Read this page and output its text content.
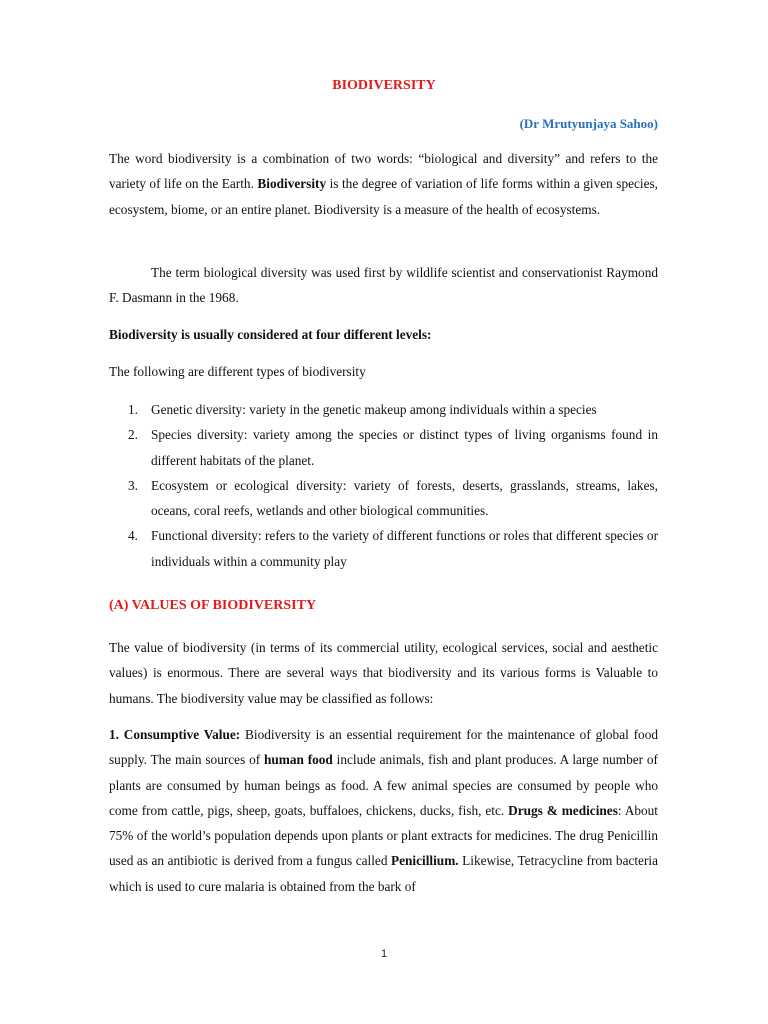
BIODIVERSITY
(Dr Mrutyunjaya Sahoo)

The word biodiversity is a combination of two words: “biological and diversity” and refers to the variety of life on the Earth. Biodiversity is the degree of variation of life forms within a given species, ecosystem, biome, or an entire planet. Biodiversity is a measure of the health of ecosystems.

The term biological diversity was used first by wildlife scientist and conservationist Raymond F. Dasmann in the 1968.

Biodiversity is usually considered at four different levels:

The following are different types of biodiversity

1. Genetic diversity: variety in the genetic makeup among individuals within a species
2. Species diversity: variety among the species or distinct types of living organisms found in different habitats of the planet.
3. Ecosystem or ecological diversity: variety of forests, deserts, grasslands, streams, lakes, oceans, coral reefs, wetlands and other biological communities.
4. Functional diversity: refers to the variety of different functions or roles that different species or individuals within a community play
(A) VALUES OF BIODIVERSITY

The value of biodiversity (in terms of its commercial utility, ecological services, social and aesthetic values) is enormous. There are several ways that biodiversity and its various forms is Valuable to humans. The biodiversity value may be classified as follows:

1. Consumptive Value: Biodiversity is an essential requirement for the maintenance of global food supply. The main sources of human food include animals, fish and plant produces. A large number of plants are consumed by human beings as food. A few animal species are consumed by people who come from cattle, pigs, sheep, goats, buffaloes, chickens, ducks, fish, etc. Drugs & medicines: About 75% of the world’s population depends upon plants or plant extracts for medicines. The drug Penicillin used as an antibiotic is derived from a fungus called Penicillium. Likewise, Tetracycline from bacteria which is used to cure malaria is obtained from the bark of

1
